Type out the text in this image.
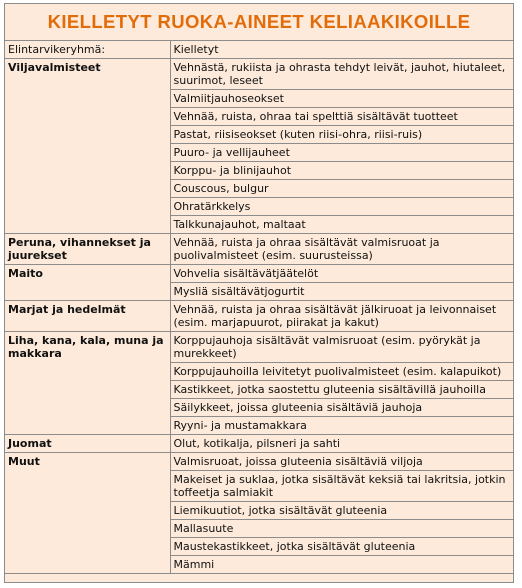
KIELLETYT RUOKA-AINEET KELIAAKIKOILLE
Elintarvikeryhmä:	Kielletyt
Viljavalmisteet	Vehnästä, rukiista ja ohrasta tehdyt leivät, jauhot, hiutaleet, suurimot, leseet
	Valmiitjauhoseokset
	Vehnää, ruista, ohraa tai spelttiä sisältävät tuotteet
	Pastat, riisiseokset (kuten riisi-ohra, riisi-ruis)
	Puuro- ja vellijauheet
	Korppu- ja blinijauhot
	Couscous, bulgur
	Ohratärkkelys
	Talkkunajauhot, maltaat
Peruna, vihannekset ja juurekset	Vehnää, ruista ja ohraa sisältävät valmisruoat ja puolivalmisteet (esim. suurusteissa)
Maito	Vohvelia sisältävätjäätelöt
	Mysliä sisältävätjogurtit
Marjat ja hedelmät	Vehnää, ruista ja ohraa sisältävät jälkiruoat ja leivonnaiset (esim. marjapuurot, piirakat ja kakut)
Liha, kana, kala, muna ja makkara	Korppujauhoja sisältävät valmisruoat (esim. pyörykät ja murekkeet)
	Korppujauhoilla leivitetyt puolivalmisteet (esim. kalapuikot)
	Kastikkeet, jotka saostettu gluteenia sisältävillä jauhoilla
	Säilykkeet, joissa gluteenia sisältäviä jauhoja
	Ryyni- ja mustamakkara
Juomat	Olut, kotikalja, pilsneri ja sahti
Muut	Valmisruoat, joissa gluteenia sisältäviä viljoja
	Makeiset ja suklaa, jotka sisältävät keksiä tai lakritsia, jotkin toffeetja salmiakit
	Liemikuutiot, jotka sisältävät gluteenia
	Mallasuute
	Maustekastikkeet, jotka sisältävät gluteenia
	Mämmi
